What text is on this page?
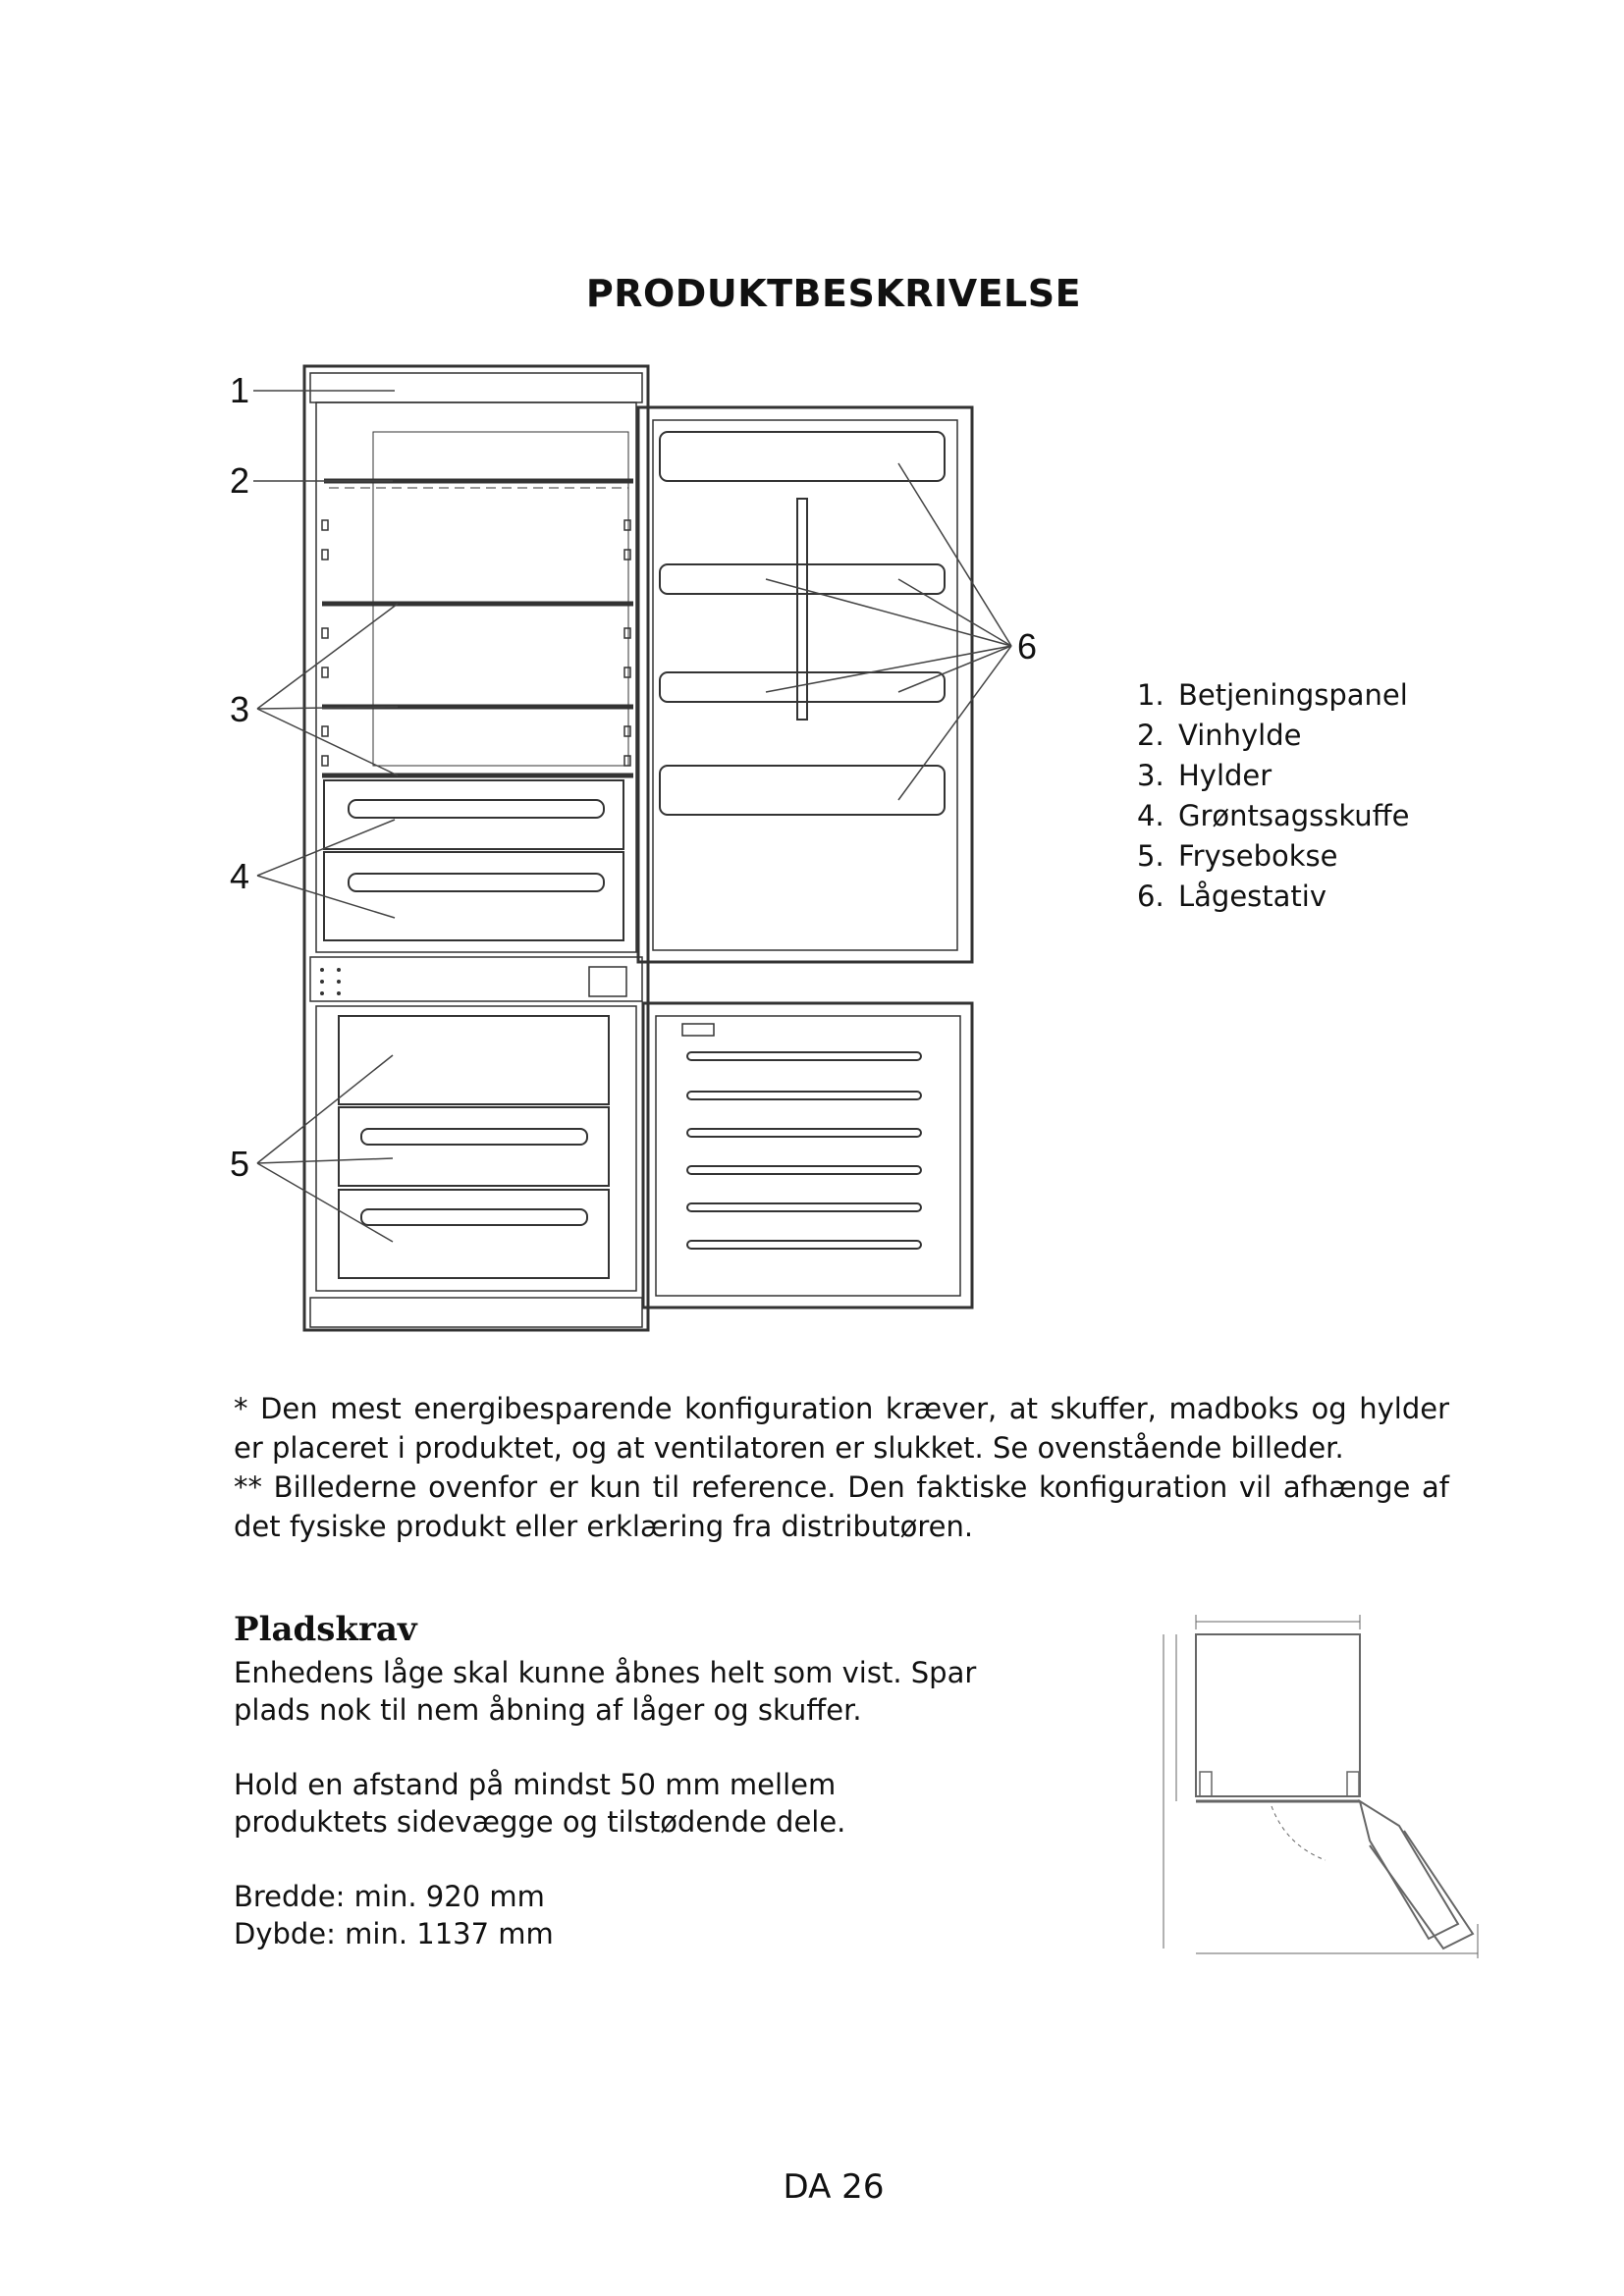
PRODUKTBESKRIVELSE
1
2
3
4
5
6
1. Betjeningspanel
2. Vinhylde
3. Hylder
4. Grøntsagsskuffe
5. Frysebokse
6. Lågestativ

* Den mest energibesparende konfiguration kræver, at skuffer, madboks og hylder er placeret i produktet, og at ventilatoren er slukket. Se ovenstående billeder.

** Billederne ovenfor er kun til reference. Den faktiske konfiguration vil afhænge af det fysiske produkt eller erklæring fra distributøren.

Pladskrav

Enhedens låge skal kunne åbnes helt som vist. Spar plads nok til nem åbning af låger og skuffer.

Hold en afstand på mindst 50 mm mellem produktets sidevægge og tilstødende dele.

Bredde: min. 920 mm
Dybde: min. 1137 mm
DA 26
